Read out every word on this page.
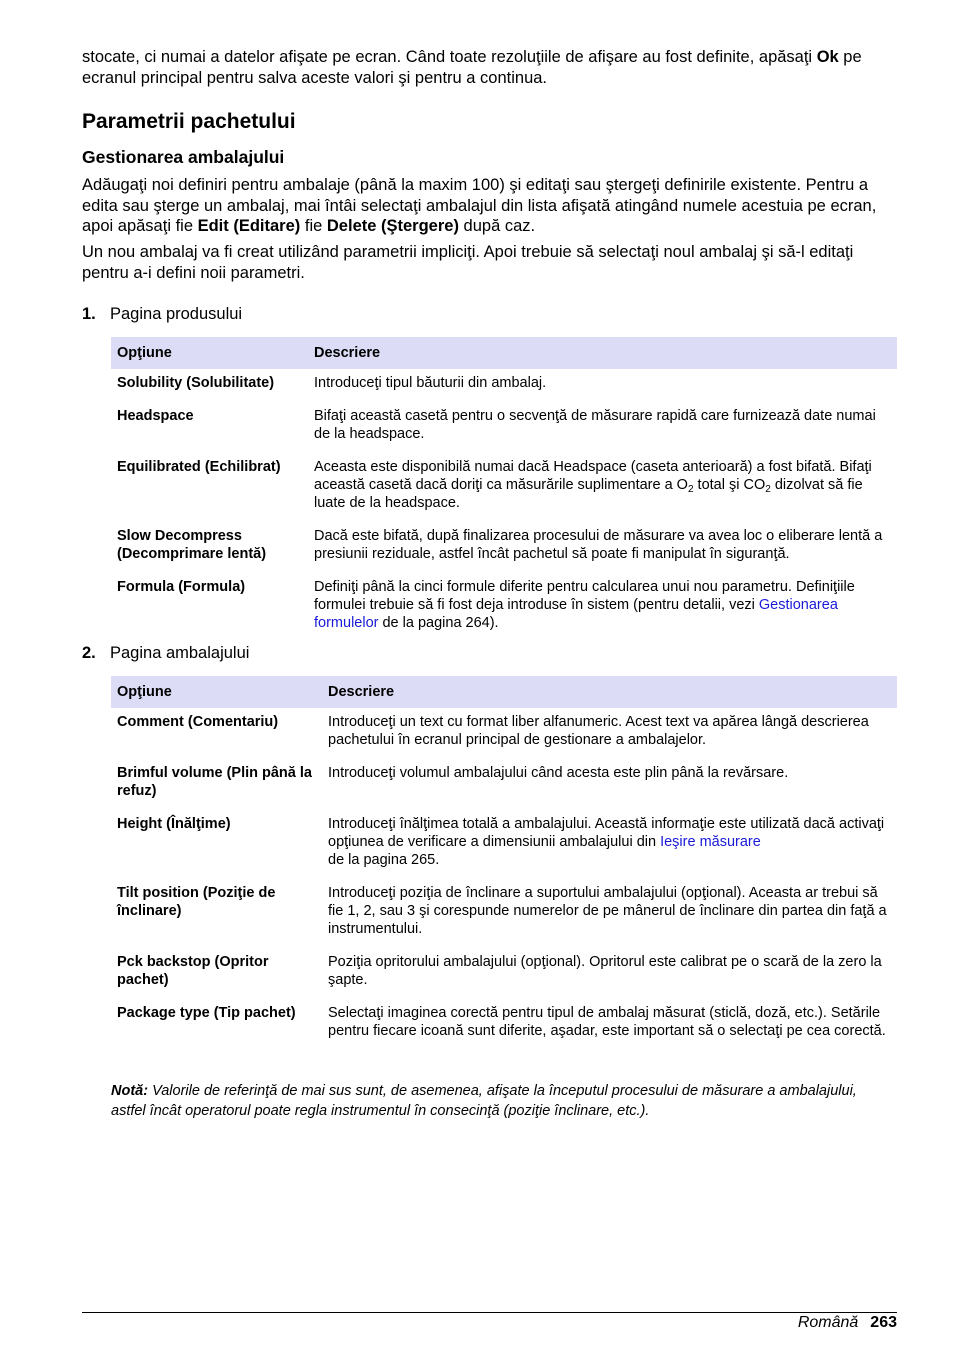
stocate, ci numai a datelor afişate pe ecran. Când toate rezoluţiile de afişare au fost definite, apăsaţi Ok pe ecranul principal pentru salva aceste valori şi pentru a continua.

Parametrii pachetului
Gestionarea ambalajului

Adăugaţi noi definiri pentru ambalaje (până la maxim 100) şi editaţi sau ştergeţi definirile existente. Pentru a edita sau şterge un ambalaj, mai întâi selectaţi ambalajul din lista afişată atingând numele acestuia pe ecran, apoi apăsaţi fie Edit (Editare) fie Delete (Ştergere) după caz.

Un nou ambalaj va fi creat utilizând parametrii impliciţi. Apoi trebuie să selectaţi noul ambalaj şi să-l editaţi pentru a-i defini noii parametri.

1. Pagina produsului
Opţiune	Descriere
Solubility (Solubilitate)	Introduceţi tipul băuturii din ambalaj.
Headspace	Bifaţi această casetă pentru o secvenţă de măsurare rapidă care furnizează date numai de la headspace.
Equilibrated (Echilibrat)	Aceasta este disponibilă numai dacă Headspace (caseta anterioară) a fost bifată. Bifaţi această casetă dacă doriţi ca măsurările suplimentare a $O_2$ total şi $CO_2$ dizolvat să fie luate de la headspace.
Slow Decompress (Decomprimare lentă)	Dacă este bifată, după finalizarea procesului de măsurare va avea loc o eliberare lentă a presiunii reziduale, astfel încât pachetul să poate fi manipulat în siguranţă.
Formula (Formula)	Definiţi până la cinci formule diferite pentru calcularea unui nou parametru. Definiţiile formulei trebuie să fi fost deja introduse în sistem (pentru detalii, vezi Gestionarea formulelor de la pagina 264).
2. Pagina ambalajului
Opţiune	Descriere
Comment (Comentariu)	Introduceţi un text cu format liber alfanumeric. Acest text va apărea lângă descrierea pachetului în ecranul principal de gestionare a ambalajelor.
Brimful volume (Plin până la refuz)	Introduceţi volumul ambalajului când acesta este plin până la revărsare.
Height (Înălţime)	Introduceţi înălţimea totală a ambalajului. Această informaţie este utilizată dacă activaţi opţiunea de verificare a dimensiunii ambalajului din Ieşire măsurare
de la pagina 265.
Tilt position (Poziţie de înclinare)	Introduceţi poziţia de înclinare a suportului ambalajului (opţional). Aceasta ar trebui să fie 1, 2, sau 3 şi corespunde numerelor de pe mânerul de înclinare din partea din faţă a instrumentului.
Pck backstop (Opritor pachet)	Poziţia opritorului ambalajului (opţional). Opritorul este calibrat pe o scară de la zero la şapte.
Package type (Tip pachet)	Selectaţi imaginea corectă pentru tipul de ambalaj măsurat (sticlă, doză, etc.). Setările pentru fiecare icoană sunt diferite, aşadar, este important să o selectaţi pe cea corectă.

Notă: Valorile de referinţă de mai sus sunt, de asemenea, afişate la începutul procesului de măsurare a ambalajului, astfel încât operatorul poate regla instrumentul în consecinţă (poziţie înclinare, etc.).

Română 263
